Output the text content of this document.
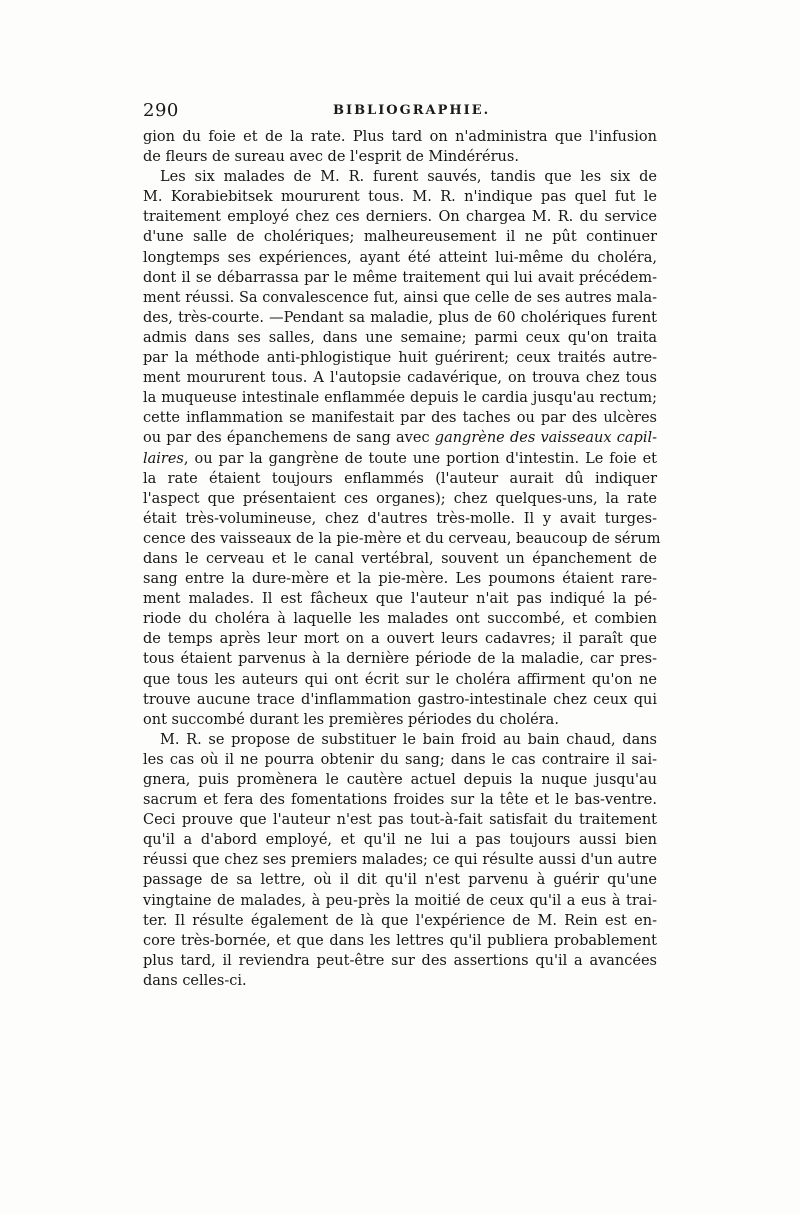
290	BIBLIOGRAPHIE.
gion du foie et de la rate. Plus tard on n'administra que l'infusion
de fleurs de sureau avec de l'esprit de Mindérérus.
Les six malades de M. R. furent sauvés, tandis que les six de
M. Korabiebitsek moururent tous. M. R. n'indique pas quel fut le
traitement employé chez ces derniers. On chargea M. R. du service
d'une salle de cholériques; malheureusement il ne pût continuer
longtemps ses expériences, ayant été atteint lui-même du choléra,
dont il se débarrassa par le même traitement qui lui avait précédem-
ment réussi. Sa convalescence fut, ainsi que celle de ses autres mala-
des, très-courte. —Pendant sa maladie, plus de 60 cholériques furent
admis dans ses salles, dans une semaine; parmi ceux qu'on traita
par la méthode anti-phlogistique huit guérirent; ceux traités autre-
ment moururent tous. A l'autopsie cadavérique, on trouva chez tous
la muqueuse intestinale enflammée depuis le cardia jusqu'au rectum;
cette inflammation se manifestait par des taches ou par des ulcères
ou par des épanchemens de sang avec gangrène des vaisseaux capil-
laires, ou par la gangrène de toute une portion d'intestin. Le foie et
la rate étaient toujours enflammés (l'auteur aurait dû indiquer
l'aspect que présentaient ces organes); chez quelques-uns, la rate
était très-volumineuse, chez d'autres très-molle. Il y avait turges-
cence des vaisseaux de la pie-mère et du cerveau, beaucoup de sérum
dans le cerveau et le canal vertébral, souvent un épanchement de
sang entre la dure-mère et la pie-mère. Les poumons étaient rare-
ment malades. Il est fâcheux que l'auteur n'ait pas indiqué la pé-
riode du choléra à laquelle les malades ont succombé, et combien
de temps après leur mort on a ouvert leurs cadavres; il paraît que
tous étaient parvenus à la dernière période de la maladie, car pres-
que tous les auteurs qui ont écrit sur le choléra affirment qu'on ne
trouve aucune trace d'inflammation gastro-intestinale chez ceux qui
ont succombé durant les premières périodes du choléra.
M. R. se propose de substituer le bain froid au bain chaud, dans
les cas où il ne pourra obtenir du sang; dans le cas contraire il sai-
gnera, puis promènera le cautère actuel depuis la nuque jusqu'au
sacrum et fera des fomentations froides sur la tête et le bas-ventre.
Ceci prouve que l'auteur n'est pas tout-à-fait satisfait du traitement
qu'il a d'abord employé, et qu'il ne lui a pas toujours aussi bien
réussi que chez ses premiers malades; ce qui résulte aussi d'un autre
passage de sa lettre, où il dit qu'il n'est parvenu à guérir qu'une
vingtaine de malades, à peu-près la moitié de ceux qu'il a eus à trai-
ter. Il résulte également de là que l'expérience de M. Rein est en-
core très-bornée, et que dans les lettres qu'il publiera probablement
plus tard, il reviendra peut-être sur des assertions qu'il a avancées
dans celles-ci.
